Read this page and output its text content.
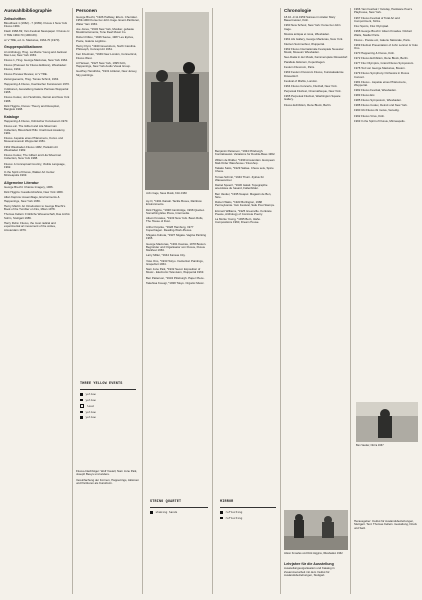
Auswahlbibliographie
Zeitschriften
Bloodbook 1 (1962) - 7 (1969). Fluxus 1 New York Fluxus 1964.
Flash 1968-69; Yam Festival Newspaper / Fluxus cc V TRE 1963-70 (1963-69).
cc V TRE, ed. G. Maciunas, 1964-70 (1970).
Gruppenpublikationen
An Anthology, Hrsg. La Monte Young and Jackson Mac Low, New York 1963.
Fluxus 1, Hrsg. George Maciunas, New York 1964.
Fluxus (Preissen for Fluxus Editions), Wiesbaden: Fluxus, 1963.
Fluxus Preview Review, cc V TRE.
Zeitungsevents, Hrsg. Tomas Schmit, 1963.
Happening & Fluxus, Koelnischer Kunstverein 1970.
3 Aktionen, Ausstellung Galerie Parnass Wuppertal 1965.
Fluxus Codex, Jon Hendricks, Detroit and New York 1988.
Dick Higgins, Fluxus: Theory and Reception, Bangkok 1998.
Kataloge
Happening & Fluxus, Kölnischer Kunstverein 1970.
Fluxus etc. The Gilbert and Lila Silverman Collection, Bloomfield Hills: Cranbrook Academy 1981.
Fluxus. Aspekte eines Phänomens, Kunst- und Museumsverein Wuppertal 1981.
1962 Wiesbaden Fluxus 1982, Harlekin Art Wiesbaden 1982.
Fluxus Codex, The Gilbert and Lila Silverman Collection, New York 1988.
Fluxus: A Conceptual Country, Visible Language, 1992.
In the Spirit of Fluxus, Walker Art Center Minneapolis 1993.
Allgemeine Literatur
George Brecht: Chance Imagery, 1966.
Dick Higgins: foew&ombwhnw, New York 1969.
Allan Kaprow: Assemblage, Environments & Happenings, New York 1966.
Henry Martin: An Introduction to George Brecht's Book of the Tumbler on Fire, Milan 1978.
Thomas Kellein: Fröhliche Wissenschaft, Das Archiv Sohm, Stuttgart 1986.
Harry Ruhé: Fluxus, the most radical and experimental art movement of the sixties, Amsterdam 1979.
Personen
George Brecht, *1926 Halfway, Ehem. Chemiker. 1959-1960 Kurse bei John Cage. Event-Partituren, Water Yam 1963.
Joe Jones, *1934 New York, Musiker, gebaute Musikinstrumente, Tone Deaf Music Co.
Robert Filliou, *1926 Sauve, 1987 Les Eyzies, Poète, Galerie Légitime.
Henry Flynt, *1940 Greensboro, North Carolina. Philosoph, Concept Art 1961.
Ken Friedman, *1949 New London, Connecticut, Fluxus West.
Al Hansen, *1927 New York, 1995 Köln, Happenings, New York Audio Visual Group.
Geoffrey Hendricks, *1931 Littleton, New Jersey, Sky paintings.
THREE YELLOW EVENTS
yellow
yellow
loud
yellow
yellow
Fluxus-Nachfolger: Wolf Vostell, Nam June Paik, Joseph Beuys und andere.
Vereinfachung der Formen, Happenings, Aktionen und Partituren als Kunstform.
John Cage, Neue Musik, Köln 1960
Ay-O, *1931 Ibaraki. Tactile Boxes, Rainbow Environments.
Dick Higgins, *1938 Cambridge, 1998 Quebec. Something Else Press, Intermedia.
Alison Knowles, *1933 New York. Bean Rolls, The House of Dust.
Arthur Köpcke, *1928 Hamburg, 1977 Kopenhagen. Reading-Work-Pieces.
Shigeko Kubota, *1937 Niigata. Vagina Painting 1965.
George Maciunas, *1931 Kaunas, 1978 Boston. Begründer und Organisator von Fluxus, Fluxus Manifest 1963.
Larry Miller, *1944 Kansas City.
Yoko Ono, *1933 Tokyo. Instruction Paintings, Grapefruit 1964.
Nam June Paik, *1932 Seoul. Exposition of Music - Electronic Television, Wuppertal 1963.
Ben Patterson, *1934 Pittsburgh. Paper Piece.
Takehisa Kosugi, *1938 Tokyo. Organic Music.
STRING QUARTET
shaking hands
Benjamin Patterson, *1934 Pittsburgh. Kontrabassist. Variations for Double-Bass 1962.
Willem de Ridder, *1939 Amsterdam. European Mail-Order Warehouse / Fluxshop.
Takako Saito, *1929 Sabae. Chess sets, Spice Chess.
Tomas Schmit, *1943 Thurn. Zyklus für Wassereimer.
Daniel Spoerri, *1930 Galati. Topographie anecdotée du hasard, Fallenbilder.
Ben Vautier, *1935 Neapel. Magasin de Ben, Nice.
Robert Watts, *1923 Burlington, 1988 Pennsylvania. Yam Festival, Safe Post Stamps.
Emmett Williams, *1925 Greenville. Konkrete Poesie, Anthology of Concrete Poetry.
La Monte Young, *1935 Bern, Idaho. Compositions 1960, Dream House.
MIRROR
reflecting
reflecting
Chronologie
18.10.-3.11.1959 Soirées im Atelier Mary Bauermeister, Köln.
1960 New School, New York: Kurse bei John Cage.
Musica antiqua et nova, Wiesbaden.
1961 AG Gallery, George Maciunas, New York.
Kleinen Sommerfest, Wuppertal.
1962 Fluxus Internationale Festspiele Neuester Musik, Museum Wiesbaden.
Neo-Dada in der Musik, Kammerspiele Düsseldorf.
Parallele Aktionen, Kopenhagen.
Festum Fluxorum, Paris.
1963 Festum Fluxorum Fluxus, Kunstakademie Düsseldorf.
Festival of Misfits, London.
1964 Fluxus Concerts, Fluxhall, New York.
Perpetual Fluxfest, Cinematheque, New York.
1965 Perpetual Fluxfest, Washington Square Gallery.
Fluxus Exhibition, Rene Block, Berlin.
Alison Knowles und Dick Higgins, Wiesbaden 1962
Lehrjahre für die Ausstellung
Ausstellungsorganisation und Katalog in Zusammenarbeit mit dem Institut für Auslandsbeziehungen, Stuttgart.
1966 Yam Festival / Yamday, Hardware Poet's Playhouse, New York.
1967 Fluxus Festival of Total Art and Comportment, Nizza.
Flux Sports, Flux Olympiad.
1968 George Brecht / Alison Knowles / Robert Watts, Stadler Paris.
Fluxus - Poésie etc, Galerie Nationale, Paris.
1969 Fluxfest Presentation of John Lennon & Yoko Ono.
1970 Happening & Fluxus, Köln.
1972 Fluxus Exhibition, Rene Block, Berlin.
1977 Flux Olympics, Grand Fluxus Symposium.
1978 Tod von George Maciunas, Boston.
1979 Fluxus Symphony Orchestra in Fluxus Concert.
1981 Fluxus - Aspekte eines Phänomens, Wuppertal.
1982 Fluxus Festival, Wiesbaden.
1983 Fluxus Etc.
1985 Fluxus Symposium, Wiesbaden.
1988 Fluxus Codex, Detroit und New York.
1990 Ubi Fluxus ibi motus, Venedig.
1992 Fluxus Virus, Köln.
1993 In the Spirit of Fluxus, Minneapolis.
Ben Vautier, Nizza 1967
Herausgeber: Institut für Auslandsbeziehungen, Stuttgart. Text: Thomas Kellein. Gestaltung, Druck und Satz.
